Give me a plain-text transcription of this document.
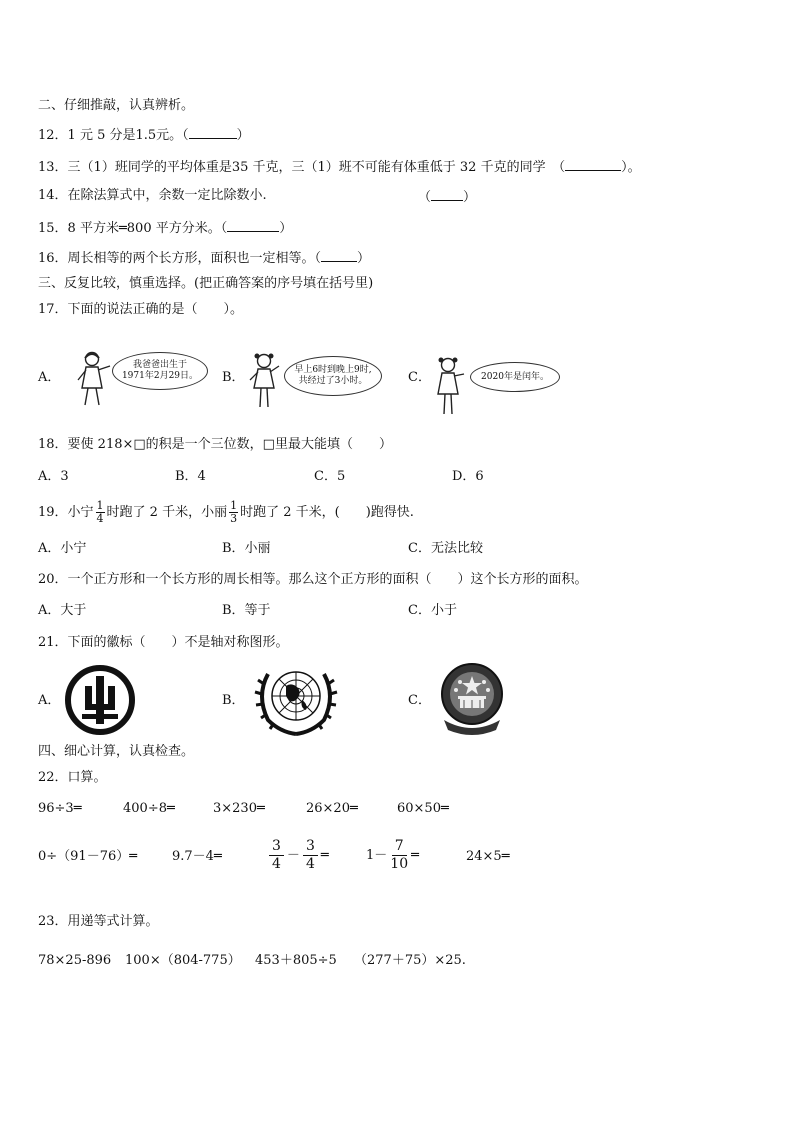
二、仔细推敲，认真辨析。
12．1 元 5 分是1.5元。（	）
13．三（1）班同学的平均体重是35 千克，三（1）班不可能有体重低于 32 千克的同学　（	）。
14．在除法算式中，余数一定比除数小.	（ ）
15．8 平方米═800 平方分米。（	）
16．周长相等的两个长方形，面积也一定相等。（	）
三、反复比较，慎重选择。(把正确答案的序号填在括号里)
17．下面的说法正确的是（　　）。
A．
我爸爸出生于
1971年2月29日。 B．	早上6时到晚上9时,
共经过了3小时。	C．	2020年是闰年。
18．要使 218×□的积是一个三位数，□里最大能填（　　）
A．3	B．4	C．5	D．6
19．小宁 $\frac{1}{4}$ 时跑了 2 千米，小丽 $\frac{1}{3}$ 时跑了 2 千米，(　　)跑得快.
A．小宁	B．小丽	C．无法比较
20．一个正方形和一个长方形的周长相等。那么这个正方形的面积（　　）这个长方形的面积。
A．大于	B．等于	C．小于
21．下面的徽标（　　）不是轴对称图形。
A．	B．	C．
四、细心计算，认真检查。
22．口算。
96÷3═	400÷8═	3×230═	26×20═	60×50═
0÷（91－76）═	9.7－4═	$\frac{3}{4} - \frac{3}{4}$ ═	$1- \frac{7}{10}$ ═	24×5═
23．用递等式计算。
78×25-896 100×（804-775） 453＋805÷5 （277＋75）×25.
